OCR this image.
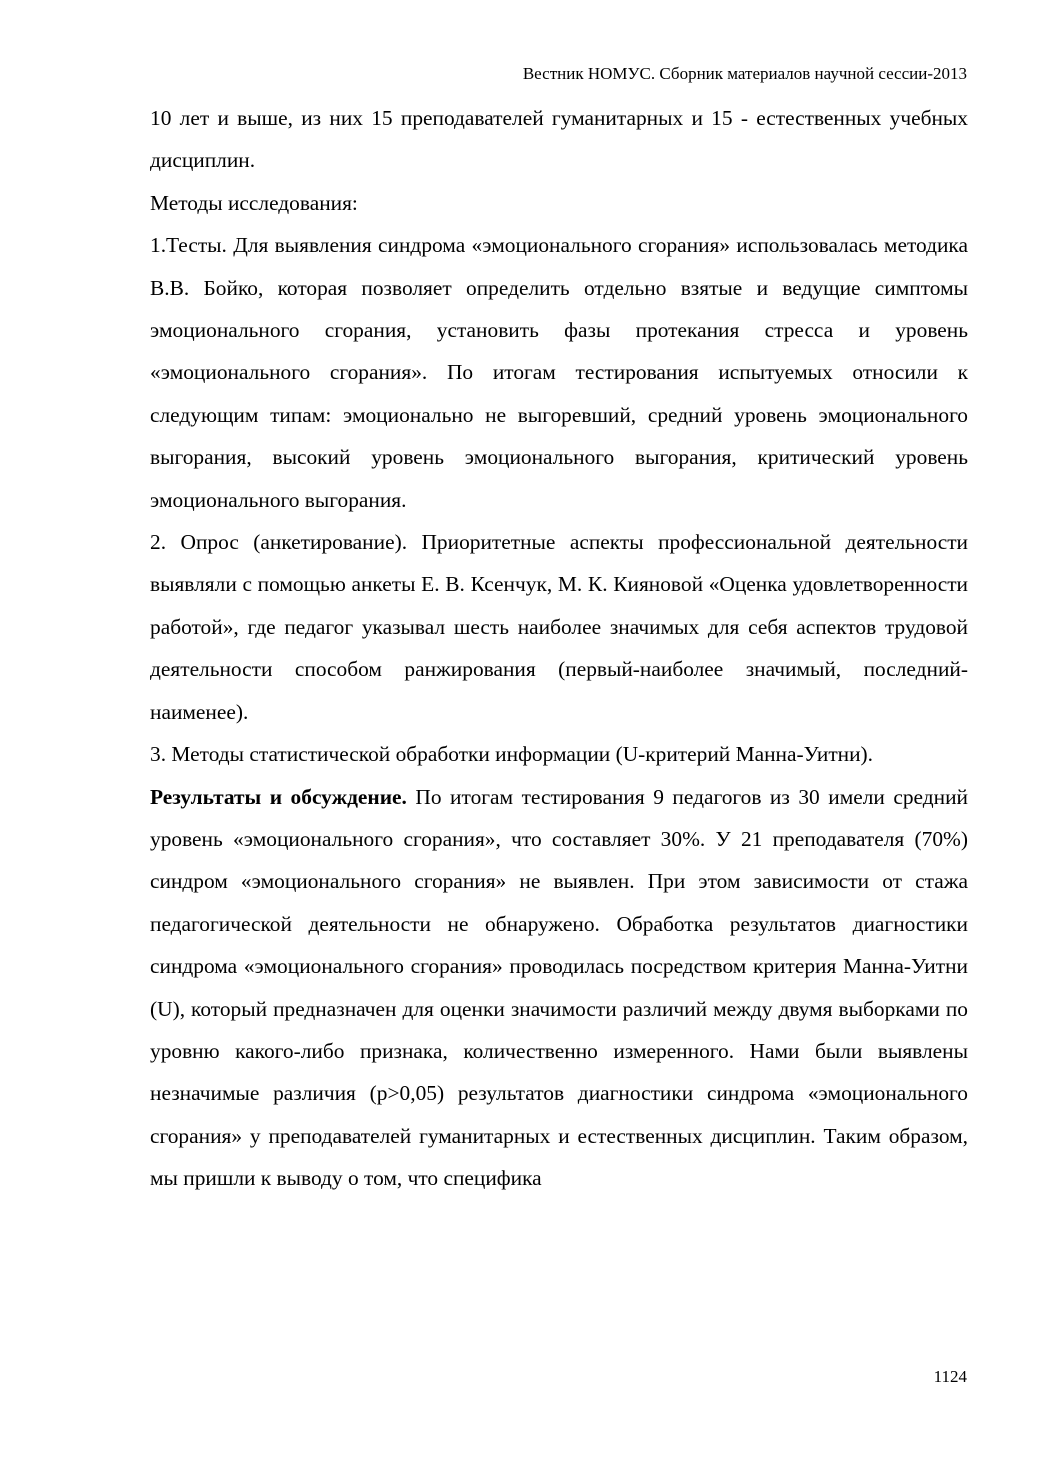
Вестник НОМУС. Сборник материалов научной сессии-2013

10 лет и выше, из них 15 преподавателей гуманитарных и 15 - естественных учебных дисциплин.

Методы исследования:

1.Тесты. Для выявления синдрома «эмоционального сгорания» использовалась методика В.В. Бойко, которая позволяет определить отдельно взятые и ведущие симптомы эмоционального сгорания, установить фазы протекания стресса и уровень «эмоционального сгорания». По итогам тестирования испытуемых относили к следующим типам: эмоционально не выгоревший, средний уровень эмоционального выгорания, высокий уровень эмоционального выгорания, критический уровень эмоционального выгорания.

2. Опрос (анкетирование). Приоритетные аспекты профессиональной деятельности выявляли с помощью анкеты Е. В. Ксенчук, М. К. Кияновой «Оценка удовлетворенности работой», где педагог указывал шесть наиболее значимых для себя аспектов трудовой деятельности способом ранжирования (первый-наиболее значимый, последний-наименее).

3. Методы статистической обработки информации (U-критерий Манна-Уитни).

Результаты и обсуждение. По итогам тестирования 9 педагогов из 30 имели средний уровень «эмоционального сгорания», что составляет 30%. У 21 преподавателя (70%) синдром «эмоционального сгорания» не выявлен. При этом зависимости от стажа педагогической деятельности не обнаружено. Обработка результатов диагностики синдрома «эмоционального сгорания» проводилась посредством критерия Манна-Уитни (U), который предназначен для оценки значимости различий между двумя выборками по уровню какого-либо признака, количественно измеренного. Нами были выявлены незначимые различия (p>0,05) результатов диагностики синдрома «эмоционального сгорания» у преподавателей гуманитарных и естественных дисциплин. Таким образом, мы пришли к выводу о том, что специфика

1124
